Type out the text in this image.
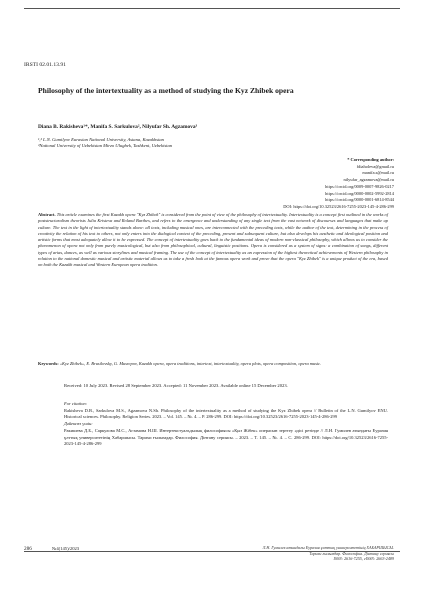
IRSTI 02.01.13.91
Philosophy of the intertextuality as a method of studying the Kyz Zhibek opera
Diana B. Rakisheva¹*, Manifa S. Sarkulova², Nilyufar Sh. Agzamova³
¹,² L.N. Gumilyov Eurasian National University, Astana, Kazakhstan
³National University of Uzbekistan Mirzo Ulugbek, Tashkent, Uzbekistan
* Corresponding author:
fdiaholeva@gmail.ru
manifa.s@mail.ru
nilyufar_agzamova@mail.ru
https://orcid.org/0009-0007-9826-0217
https://orcid.org/0000-0002-5992-2814
https://orcid.org/0000-0001-6814-8544
DOI: https://doi.org/10.32523/2616-7255-2023-145-4-286-299
Abstract. This article examines the first Kazakh opera "Kyz Zhibek" is considered from the point of view of the philosophy of intertextuality. Intertextuality is a concept first outlined in the works of poststructuralism theorists Julia Kristeva and Roland Barthes, and refers to the emergence and understanding of any single text from the vast network of discourses and languages that make up culture. The text in the light of intertextuality stands alone: all texts, including musical ones, are interconnected with the preceding texts, while the author of the text, determining in the process of creativity the relation of his text to others, not only enters into the dialogical context of the preceding, present and subsequent culture, but also develops his aesthetic and ideological position and artistic forms that most adequately allow it to be expressed. The concept of intertextuality goes back to the fundamental ideas of modern non-classical philosophy, which allows us to consider the phenomenon of opera not only from purely musicological, but also from philosophical, cultural, linguistic positions. Opera is considered as a system of signs: a combination of songs, different types of arias, dances, as well as various storylines and musical framing. The use of the concept of intertextuality as an expression of the highest theoretical achievements of Western philosophy in relation to the national domestic musical and artistic material allows us to take a fresh look at the famous opera work and prove that the opera "Kyz Zhibek" is a unique product of the era, based on both the Kazakh musical and Western European opera tradition.
Keywords: «Kyz Zhibek», E. Brusilovsky, G. Musrepov, Kazakh opera, opera traditions, intertext, intertextuality, opera plots, opera composition, opera music.
Received: 10 July 2023. Revised 28 September 2023. Accepted: 11 November 2023. Available online 15 December 2023.
For citation:
Rakisheva D.B., Sarkulova M.S., Agzamova N.Sh. Philosophy of the intertextuality as a method of studying the Kyz Zhibek opera // Bulletin of the L.N. Gumilyov ENU. Historical sciences. Philosophy. Religion Series. 2023. – Vol. 145. – №. 4. – P. 286-299. DOI: https://doi.org/10.32523/2616-7255-2023-145-4-286-299
Дәйексөз үшін:
Ракишева Д.Б., Саркулова М.С., Агзамова Н.Ш. Интертекстуальдылық философиясы «Қыз Жібек» операсын зерттеу әдісі ретінде // Л.Н. Гумилев атындағы Еуразия ұлттық университетінің Хабаршысы. Тарихи ғылымдар. Философия. Дінтану сериясы. – 2023. – Т. 145. – №. 4. – С. 286-299. DOI: https://doi.org/10.32523/2616-7255-2023-145-4-286-299
286	№4(145)/2023	Л.Н. Гумилев атындағы Еуразия ұлттық университетінің ХАБАРШЫСЫ.
Тарихи ғылымдар. Философия. Дінтану сериясы
ISSN: 2616-7255, eISSN: 2663-2489
